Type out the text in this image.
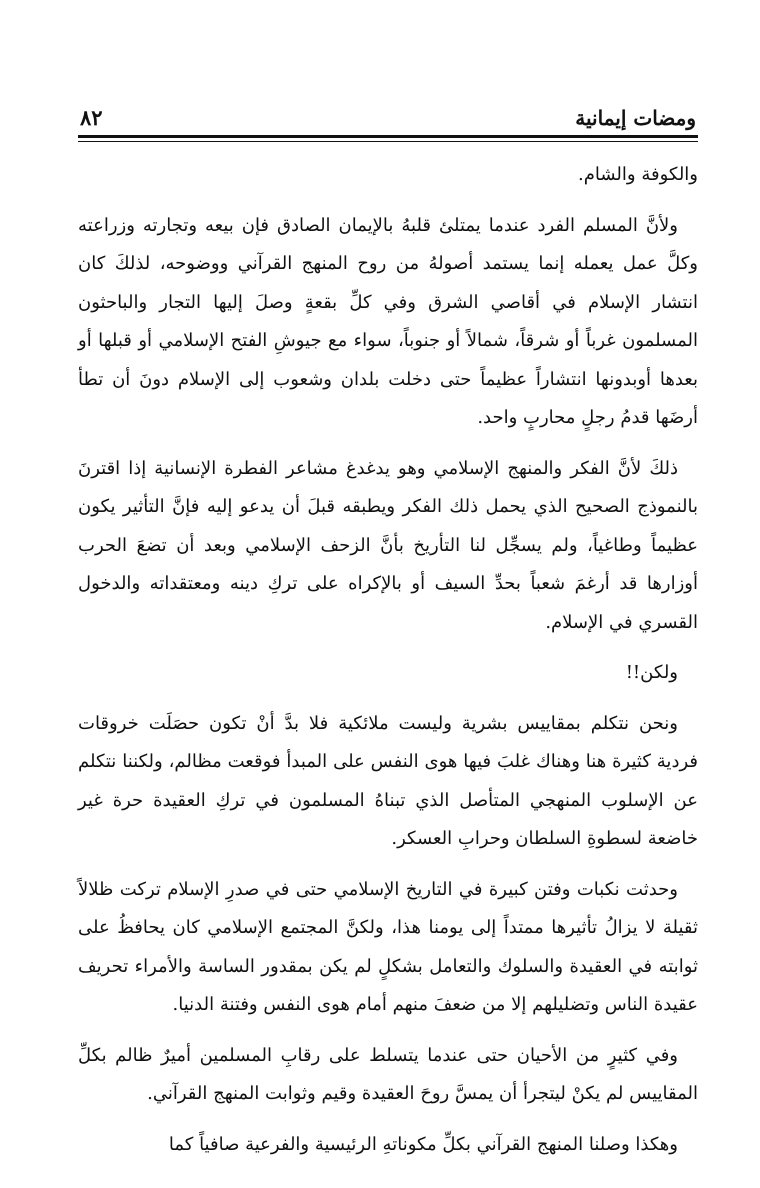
ومضات إيمانية
٨٢

والكوفة والشام.

ولأنَّ المسلم الفرد عندما يمتلئ قلبهُ بالإيمان الصادق فإن بيعه وتجارته وزراعته وكلَّ عمل يعمله إنما يستمد أصولهُ من روح المنهج القرآني ووضوحه، لذلكَ كان انتشار الإسلام في أقاصي الشرق وفي كلِّ بقعةٍ وصلَ إليها التجار والباحثون المسلمون غرباً أو شرقاً، شمالاً أو جنوباً، سواء مع جيوشِ الفتح الإسلامي أو قبلها أو بعدها أوبدونها انتشاراً عظيماً حتى دخلت بلدان وشعوب إلى الإسلام دونَ أن تطأ أرضَها قدمُ رجلٍ محاربٍ واحد.

ذلكَ لأنَّ الفكر والمنهج الإسلامي وهو يدغدغ مشاعر الفطرة الإنسانية إذا اقترنَ بالنموذج الصحيح الذي يحمل ذلك الفكر ويطبقه قبلَ أن يدعو إليه فإنَّ التأثير يكون عظيماً وطاغياً، ولم يسجِّل لنا التأريخ بأنَّ الزحف الإسلامي وبعد أن تضعَ الحرب أوزارها قد أرغمَ شعباً بحدِّ السيف أو بالإكراه على تركِ دينه ومعتقداته والدخول القسري في الإسلام.

ولكن!!

ونحن نتكلم بمقاييس بشرية وليست ملائكية فلا بدَّ أنْ تكون حصَلَت خروقات فردية كثيرة هنا وهناك غلبَ فيها هوى النفس على المبدأ فوقعت مظالم، ولكننا نتكلم عن الإسلوب المنهجي المتأصل الذي تبناهُ المسلمون في تركِ العقيدة حرة غير خاضعة لسطوةِ السلطان وحرابِ العسكر.

وحدثت نكبات وفتن كبيرة في التاريخ الإسلامي حتى في صدرِ الإسلام تركت ظلالاً ثقيلة لا يزالُ تأثيرها ممتداً إلى يومنا هذا، ولكنَّ المجتمع الإسلامي كان يحافظُ على ثوابته في العقيدة والسلوك والتعامل بشكلٍ لم يكن بمقدور الساسة والأمراء تحريف عقيدة الناس وتضليلهم إلا من ضعفَ منهم أمام هوى النفس وفتنة الدنيا.

وفي كثيرٍ من الأحيان حتى عندما يتسلط على رقابِ المسلمين أميرٌ ظالم بكلِّ المقاييس لم يكنْ ليتجرأ أن يمسَّ روحَ العقيدة وقيم وثوابت المنهج القرآني.

وهكذا وصلنا المنهج القرآني بكلِّ مكوناتهِ الرئيسية والفرعية صافياً كما
